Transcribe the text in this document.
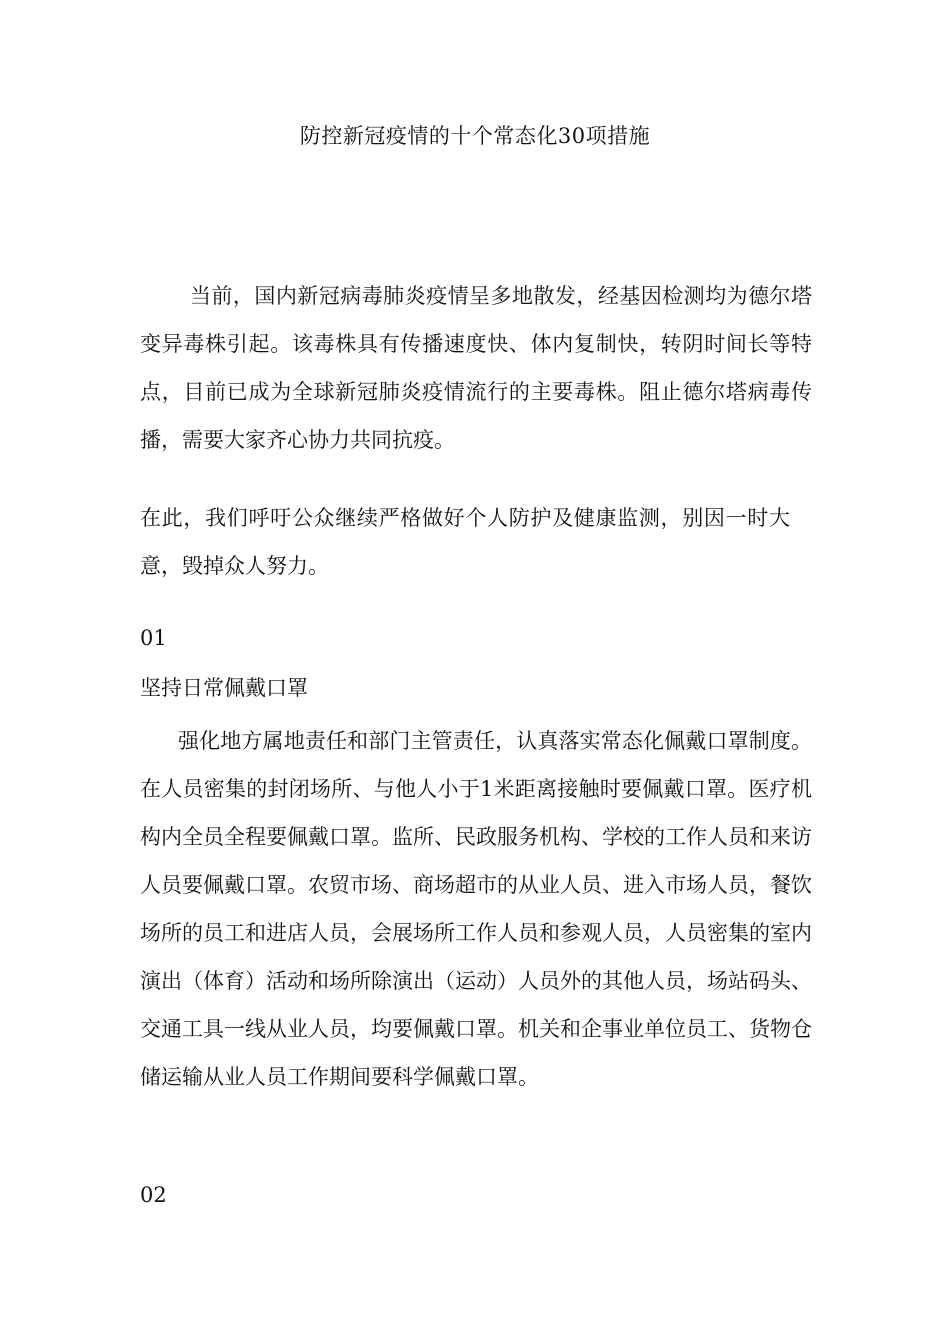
防控新冠疫情的十个常态化30项措施

当前，国内新冠病毒肺炎疫情呈多地散发，经基因检测均为德尔塔变异毒株引起。该毒株具有传播速度快、体内复制快，转阴时间长等特点，目前已成为全球新冠肺炎疫情流行的主要毒株。阻止德尔塔病毒传播，需要大家齐心协力共同抗疫。

在此，我们呼吁公众继续严格做好个人防护及健康监测，别因一时大意，毁掉众人努力。

01
坚持日常佩戴口罩

强化地方属地责任和部门主管责任，认真落实常态化佩戴口罩制度。在人员密集的封闭场所、与他人小于1米距离接触时要佩戴口罩。医疗机构内全员全程要佩戴口罩。监所、民政服务机构、学校的工作人员和来访人员要佩戴口罩。农贸市场、商场超市的从业人员、进入市场人员，餐饮场所的员工和进店人员，会展场所工作人员和参观人员，人员密集的室内演出（体育）活动和场所除演出（运动）人员外的其他人员，场站码头、交通工具一线从业人员，均要佩戴口罩。机关和企事业单位员工、货物仓储运输从业人员工作期间要科学佩戴口罩。

02
